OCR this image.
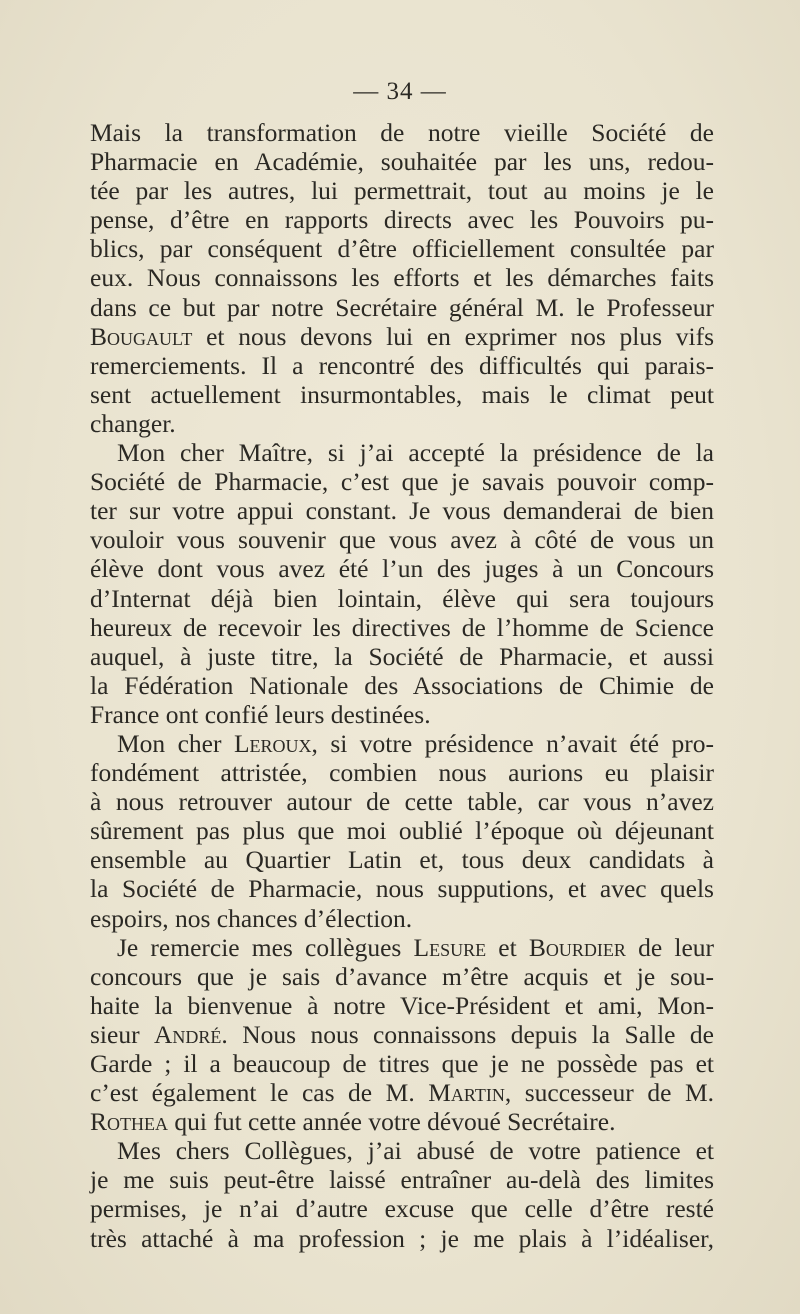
— 34 —
Mais la transformation de notre vieille Société de
Pharmacie en Académie, souhaitée par les uns, redou-
tée par les autres, lui permettrait, tout au moins je le
pense, d’être en rapports directs avec les Pouvoirs pu-
blics, par conséquent d’être officiellement consultée par
eux. Nous connaissons les efforts et les démarches faits
dans ce but par notre Secrétaire général M. le Professeur
Bougault et nous devons lui en exprimer nos plus vifs
remerciements. Il a rencontré des difficultés qui parais-
sent actuellement insurmontables, mais le climat peut
changer.
Mon cher Maître, si j’ai accepté la présidence de la
Société de Pharmacie, c’est que je savais pouvoir comp-
ter sur votre appui constant. Je vous demanderai de bien
vouloir vous souvenir que vous avez à côté de vous un
élève dont vous avez été l’un des juges à un Concours
d’Internat déjà bien lointain, élève qui sera toujours
heureux de recevoir les directives de l’homme de Science
auquel, à juste titre, la Société de Pharmacie, et aussi
la Fédération Nationale des Associations de Chimie de
France ont confié leurs destinées.
Mon cher Leroux, si votre présidence n’avait été pro-
fondément attristée, combien nous aurions eu plaisir
à nous retrouver autour de cette table, car vous n’avez
sûrement pas plus que moi oublié l’époque où déjeunant
ensemble au Quartier Latin et, tous deux candidats à
la Société de Pharmacie, nous supputions, et avec quels
espoirs, nos chances d’élection.
Je remercie mes collègues Lesure et Bourdier de leur
concours que je sais d’avance m’être acquis et je sou-
haite la bienvenue à notre Vice-Président et ami, Mon-
sieur André. Nous nous connaissons depuis la Salle de
Garde ; il a beaucoup de titres que je ne possède pas et
c’est également le cas de M. Martin, successeur de M.
Rothea qui fut cette année votre dévoué Secrétaire.
Mes chers Collègues, j’ai abusé de votre patience et
je me suis peut-être laissé entraîner au-delà des limites
permises, je n’ai d’autre excuse que celle d’être resté
très attaché à ma profession ; je me plais à l’idéaliser,
